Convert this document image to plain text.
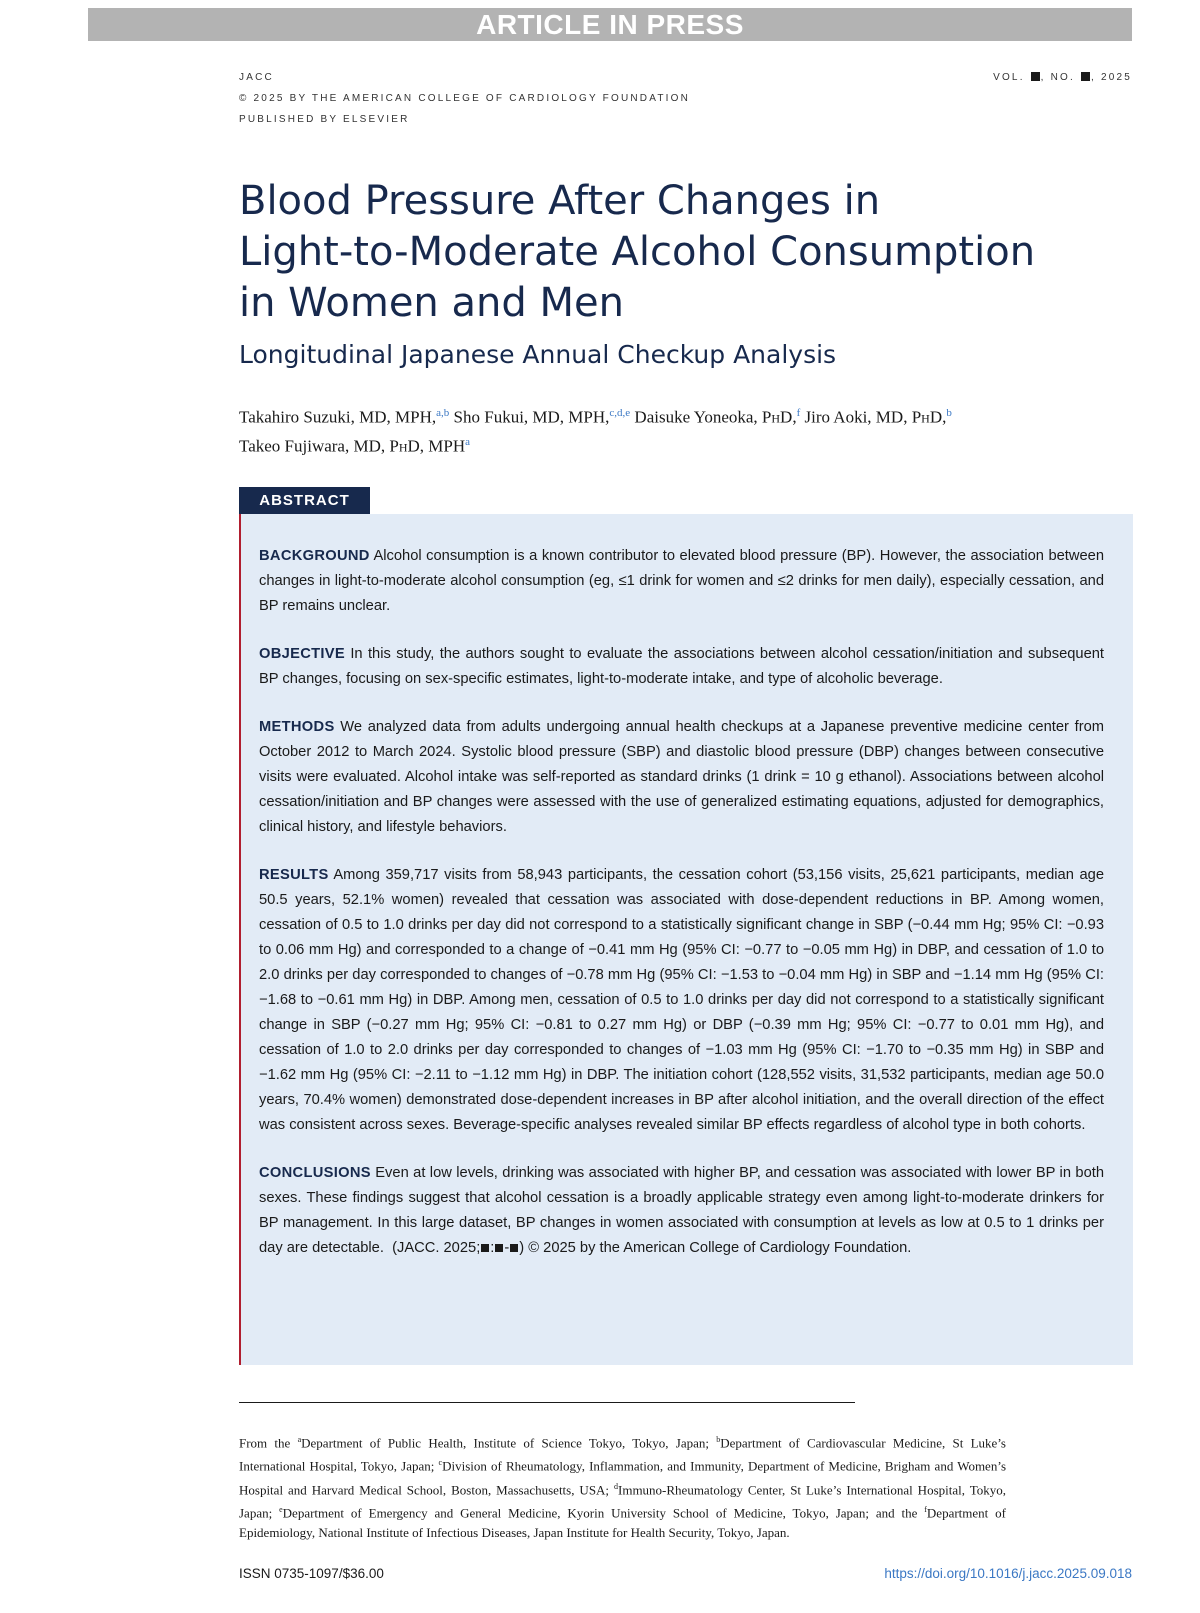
ARTICLE IN PRESS
JACC
© 2025 BY THE AMERICAN COLLEGE OF CARDIOLOGY FOUNDATION
PUBLISHED BY ELSEVIER
VOL. , NO. , 2025
Blood Pressure After Changes in
Light-to-Moderate Alcohol Consumption
in Women and Men
Longitudinal Japanese Annual Checkup Analysis
Takahiro Suzuki, MD, MPH,$^{a,b}$ Sho Fukui, MD, MPH,$^{c,d,e}$ Daisuke Yoneoka, PhD,$^f$ Jiro Aoki, MD, PhD,$^b$
Takeo Fujiwara, MD, PhD, MPH$^a$
ABSTRACT

BACKGROUND Alcohol consumption is a known contributor to elevated blood pressure (BP). However, the association between changes in light-to-moderate alcohol consumption (eg, ≤1 drink for women and ≤2 drinks for men daily), especially cessation, and BP remains unclear.

OBJECTIVE In this study, the authors sought to evaluate the associations between alcohol cessation/initiation and subsequent BP changes, focusing on sex-specific estimates, light-to-moderate intake, and type of alcoholic beverage.

METHODS We analyzed data from adults undergoing annual health checkups at a Japanese preventive medicine center from October 2012 to March 2024. Systolic blood pressure (SBP) and diastolic blood pressure (DBP) changes between consecutive visits were evaluated. Alcohol intake was self-reported as standard drinks (1 drink = 10 g ethanol). Associations between alcohol cessation/initiation and BP changes were assessed with the use of generalized estimating equations, adjusted for demographics, clinical history, and lifestyle behaviors.

RESULTS Among 359,717 visits from 58,943 participants, the cessation cohort (53,156 visits, 25,621 participants, median age 50.5 years, 52.1% women) revealed that cessation was associated with dose-dependent reductions in BP. Among women, cessation of 0.5 to 1.0 drinks per day did not correspond to a statistically significant change in SBP (−0.44 mm Hg; 95% CI: −0.93 to 0.06 mm Hg) and corresponded to a change of −0.41 mm Hg (95% CI: −0.77 to −0.05 mm Hg) in DBP, and cessation of 1.0 to 2.0 drinks per day corresponded to changes of −0.78 mm Hg (95% CI: −1.53 to −0.04 mm Hg) in SBP and −1.14 mm Hg (95% CI: −1.68 to −0.61 mm Hg) in DBP. Among men, cessation of 0.5 to 1.0 drinks per day did not correspond to a statistically significant change in SBP (−0.27 mm Hg; 95% CI: −0.81 to 0.27 mm Hg) or DBP (−0.39 mm Hg; 95% CI: −0.77 to 0.01 mm Hg), and cessation of 1.0 to 2.0 drinks per day corresponded to changes of −1.03 mm Hg (95% CI: −1.70 to −0.35 mm Hg) in SBP and −1.62 mm Hg (95% CI: −2.11 to −1.12 mm Hg) in DBP. The initiation cohort (128,552 visits, 31,532 participants, median age 50.0 years, 70.4% women) demonstrated dose-dependent increases in BP after alcohol initiation, and the overall direction of the effect was consistent across sexes. Beverage-specific analyses revealed similar BP effects regardless of alcohol type in both cohorts.

CONCLUSIONS Even at low levels, drinking was associated with higher BP, and cessation was associated with lower BP in both sexes. These findings suggest that alcohol cessation is a broadly applicable strategy even among light-to-moderate drinkers for BP management. In this large dataset, BP changes in women associated with consumption at levels as low at 0.5 to 1 drinks per day are detectable. (JACC. 2025; : - ) © 2025 by the American College of Cardiology Foundation.

From the $^a$Department of Public Health, Institute of Science Tokyo, Tokyo, Japan; $^b$Department of Cardiovascular Medicine, St Luke’s International Hospital, Tokyo, Japan; $^c$Division of Rheumatology, Inflammation, and Immunity, Department of Medicine, Brigham and Women’s Hospital and Harvard Medical School, Boston, Massachusetts, USA; $^d$Immuno-Rheumatology Center, St Luke’s International Hospital, Tokyo, Japan; $^e$Department of Emergency and General Medicine, Kyorin University School of Medicine, Tokyo, Japan; and the $^f$Department of Epidemiology, National Institute of Infectious Diseases, Japan Institute for Health Security, Tokyo, Japan.
ISSN 0735-1097/$36.00	https://doi.org/10.1016/j.jacc.2025.09.018
